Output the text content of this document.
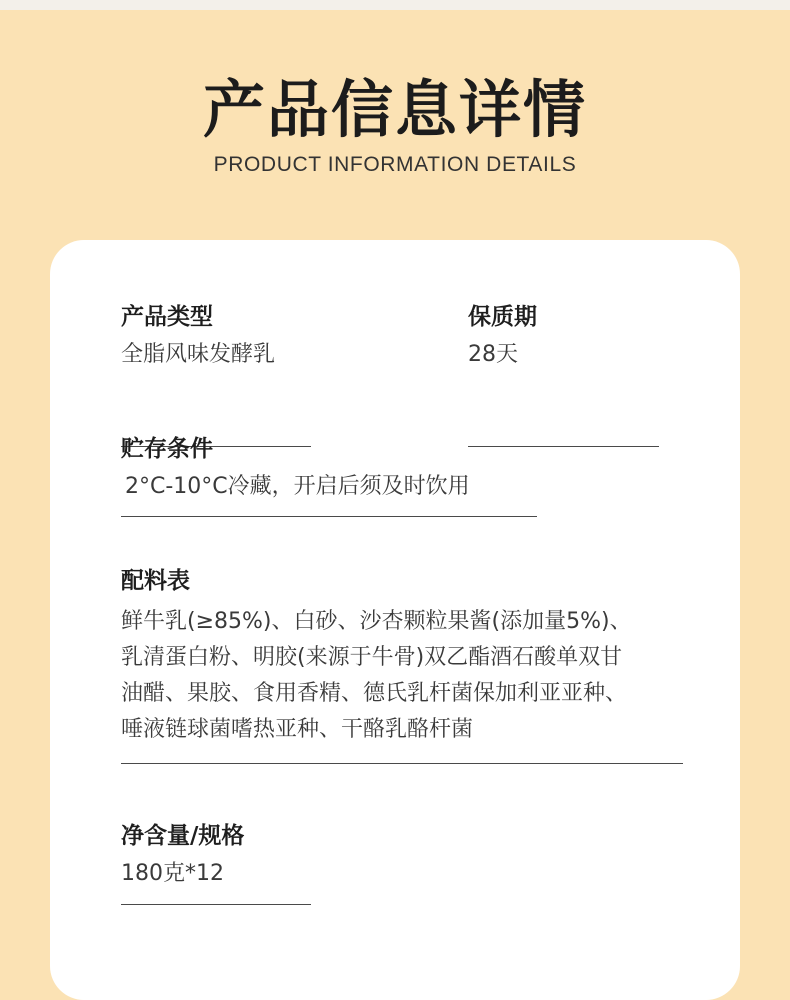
产品信息详情
PRODUCT INFORMATION DETAILS
产品类型
全脂风味发酵乳
保质期
28天
贮存条件
2°C-10°C冷藏，开启后须及时饮用
配料表
鲜牛乳(≥85%)、白砂、沙杏颗粒果酱(添加量5%)、
乳清蛋白粉、明胶(来源于牛骨)双乙酯酒石酸单双甘
油醋、果胶、食用香精、德氏乳杆菌保加利亚亚种、
唾液链球菌嗜热亚种、干酪乳酪杆菌
净含量/规格
180克*12
